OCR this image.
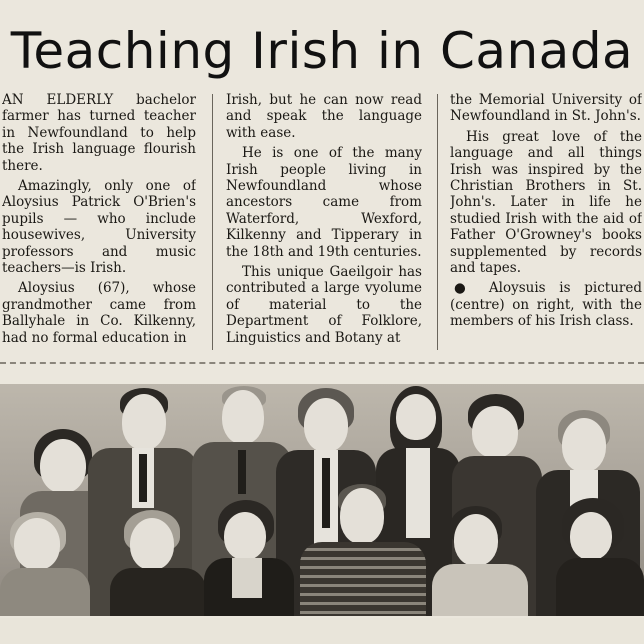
Teaching Irish in Canada

AN ELDERLY bachelor farmer has turned teacher in Newfoundland to help the Irish language flourish there.

Amazingly, only one of Aloysius Patrick O'Brien's pupils — who include housewives, University professors and music teachers—is Irish.

Aloysius (67), whose grandmother came from Ballyhale in Co. Kilkenny, had no formal education in

Irish, but he can now read and speak the language with ease.

He is one of the many Irish people living in Newfoundland whose ancestors came from Waterford, Wexford, Kilkenny and Tipperary in the 18th and 19th centuries.

This unique Gaeilgoir has contributed a large vyolume of material to the Department of Folklore, Linguistics and Botany at

the Memorial University of Newfoundland in St. John's.

His great love of the language and all things Irish was inspired by the Christian Brothers in St. John's. Later in life he studied Irish with the aid of Father O'Growney's books supplemented by records and tapes.

● Aloysuis is pictured (centre) on right, with the members of his Irish class.
